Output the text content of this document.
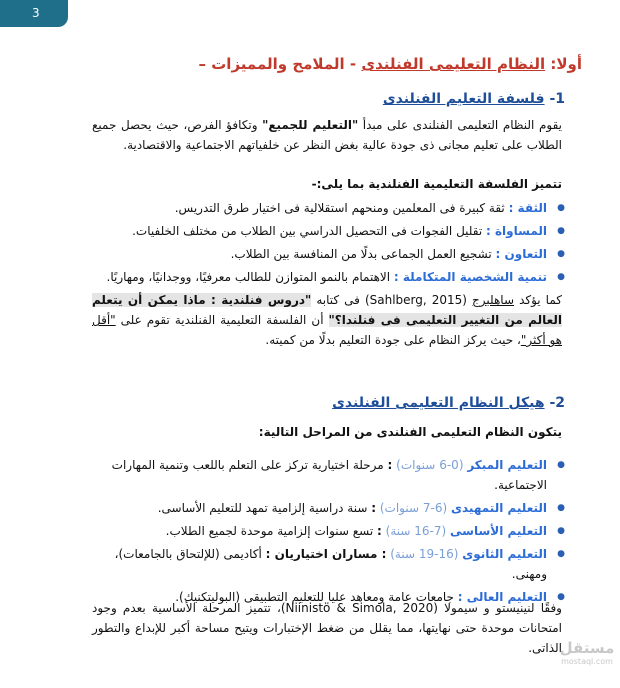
3
أولا: النظام التعليمى الفنلندى - الملامح والمميزات –
1- فلسفة التعليم الفنلندى

يقوم النظام التعليمى الفنلندى على مبدأ "التعليم للجميع" وتكافؤ الفرص، حيث يحصل جميع الطلاب على تعليم مجانى ذى جودة عالية بغض النظر عن خلفياتهم الاجتماعية والاقتصادية.

تتميز الفلسفة التعليمية الفنلندية بما يلى:-

● الثقة : ثقة كبيرة فى المعلمين ومنحهم استقلالية فى اختيار طرق التدريس.
● المساواة : تقليل الفجوات فى التحصيل الدراسي بين الطلاب من مختلف الخلفيات.
● التعاون : تشجيع العمل الجماعى بدلًا من المنافسة بين الطلاب.
● تنمية الشخصية المتكاملة : الاهتمام بالنمو المتوازن للطالب معرفيًا، ووجدانيًا، ومهاريًا.

كما يؤكد ساهلبرج (Sahlberg, 2015) فى كتابه "دروس فنلندية : ماذا يمكن أن يتعلم العالم من التغيير التعليمى فى فنلندا؟" أن الفلسفة التعليمية الفنلندية تقوم على "أقل هو أكثر"، حيث يركز النظام على جودة التعليم بدلًا من كميته.

2- هيكل النظام التعليمى الفنلندى

يتكون النظام التعليمى الفنلندى من المراحل التالية:

● التعليم المبكر (0-6 سنوات) : مرحلة اختيارية تركز على التعلم باللعب وتنمية المهارات الاجتماعية.
● التعليم التمهيدى (6-7 سنوات) : سنة دراسية إلزامية تمهد للتعليم الأساسى.
● التعليم الأساسى (7-16 سنة) : تسع سنوات إلزامية موحدة لجميع الطلاب.
● التعليم الثانوى (16-19 سنة) : مساران اختياريان : أكاديمى (للإلتحاق بالجامعات)، ومهنى.
● التعليم العالى : جامعات عامة ومعاهد عليا للتعليم التطبيقى (البوليتكنيك).

وفقًا لنينيستو و سيمولا (Niinistö & Simola, 2020)، تتميز المرحلة الأساسية بعدم وجود امتحانات موحدة حتى نهايتها، مما يقلل من ضغط الإختبارات ويتيح مساحة أكبر للإبداع والتطور الذاتى.

مستقل
mostaql.com
